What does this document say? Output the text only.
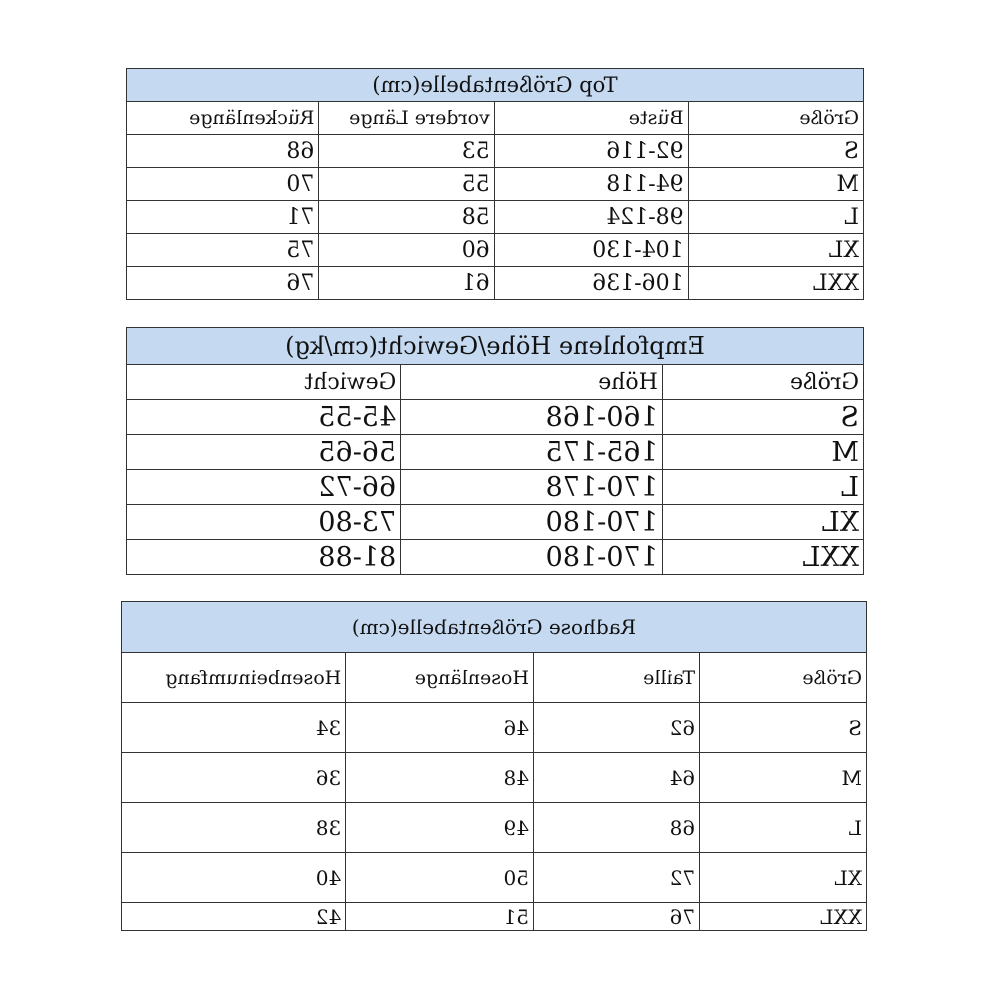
Top Größentabelle(cm)			
Größe	Büste	vordere Länge	Rückenlänge
S	92-116	53	68
M	94-118	55	70
L	98-124	58	71
XL	104-130	60	75
XXL	106-136	61	76
Empfohlene Höhe/Gewicht(cm/kg)		
Größe	Höhe	Gewicht
S	160-168	45-55
M	165-175	56-65
L	170-178	66-72
XL	170-180	73-80
XXL	170-180	81-88
Radhose Größentabelle(cm)			
Größe	Taille	Hosenlänge	Hosenbeinumfang
S	62	46	34
M	64	48	36
L	68	49	38
XL	72	50	40
XXL	76	51	42
